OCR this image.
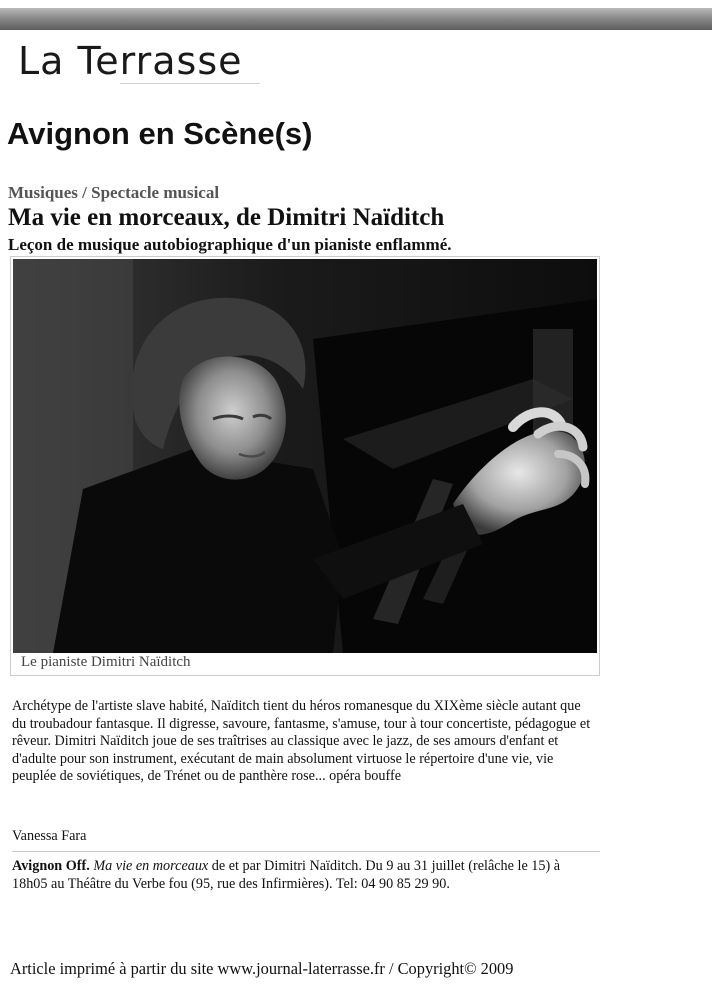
La Terrasse
Avignon en Scène(s)
Musiques / Spectacle musical
Ma vie en morceaux, de Dimitri Naïditch
Leçon de musique autobiographique d'un pianiste enflammé.
Le pianiste Dimitri Naïditch
Archétype de l'artiste slave habité, Naïditch tient du héros romanesque du XIXème siècle autant que du troubadour fantasque. Il digresse, savoure, fantasme, s'amuse, tour à tour concertiste, pédagogue et rêveur. Dimitri Naïditch joue de ses traîtrises au classique avec le jazz, de ses amours d'enfant et d'adulte pour son instrument, exécutant de main absolument virtuose le répertoire d'une vie, vie peuplée de soviétiques, de Trénet ou de panthère rose... opéra bouffe
Vanessa Fara
Avignon Off. Ma vie en morceaux de et par Dimitri Naïditch. Du 9 au 31 juillet (relâche le 15) à 18h05 au Théâtre du Verbe fou (95, rue des Infirmières). Tel: 04 90 85 29 90.
Article imprimé à partir du site www.journal-laterrasse.fr / Copyright© 2009
